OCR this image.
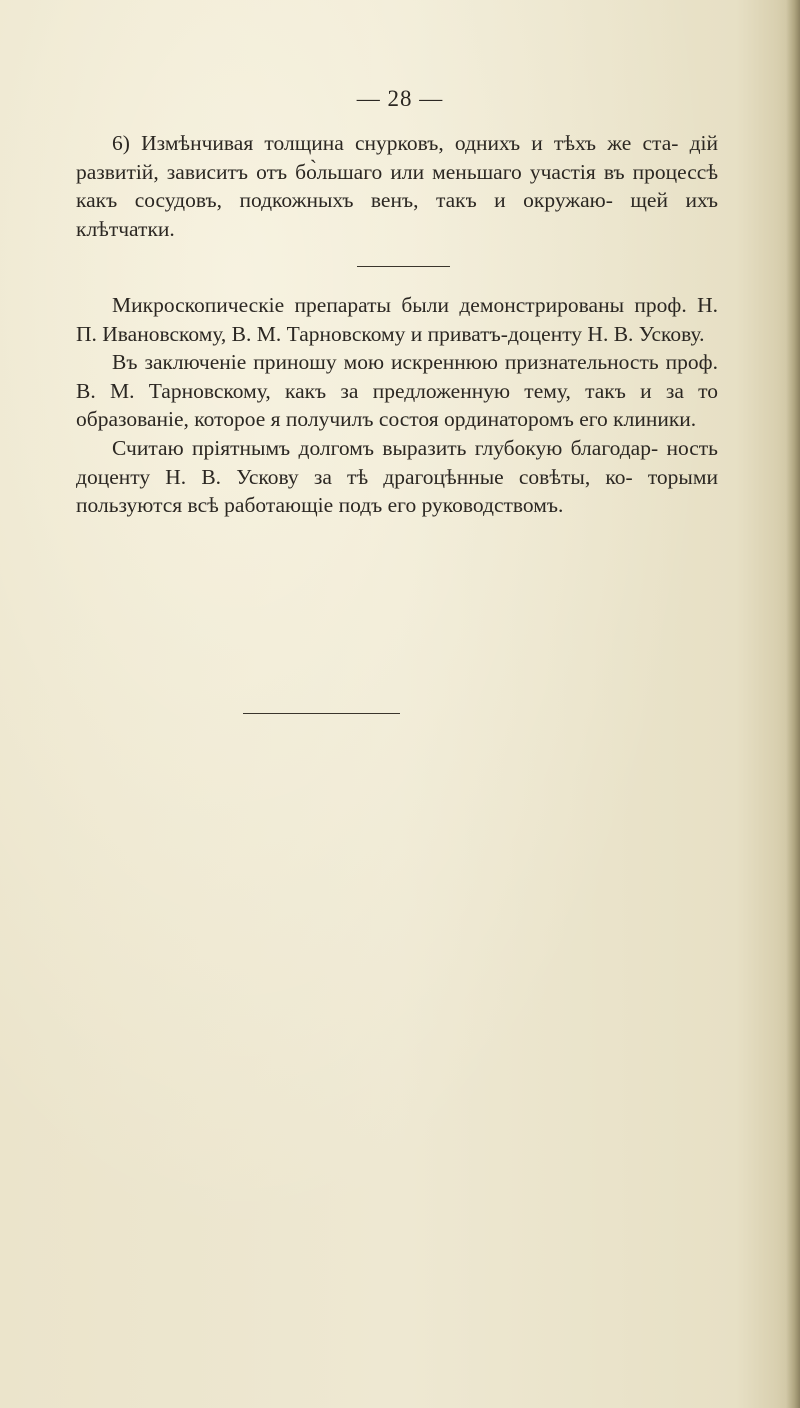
— 28 —

6) Измѣнчивая толщина снурковъ, однихъ и тѣхъ же ста- дій развитій, зависитъ отъ бо̀льшаго или меньшаго участія въ процессѣ какъ сосудовъ, подкожныхъ венъ, такъ и окружаю- щей ихъ клѣтчатки.

Микроскопическіе препараты были демонстрированы проф. Н. П. Ивановскому, В. М. Тарновскому и приватъ-доценту Н. В. Ускову.

Въ заключеніе приношу мою искреннюю признательность проф. В. М. Тарновскому, какъ за предложенную тему, такъ и за то образованіе, которое я получилъ состоя ординаторомъ его клиники.

Считаю пріятнымъ долгомъ выразить глубокую благодар- ность доценту Н. В. Ускову за тѣ драгоцѣнные совѣты, ко- торыми пользуются всѣ работающіе подъ его руководствомъ.
